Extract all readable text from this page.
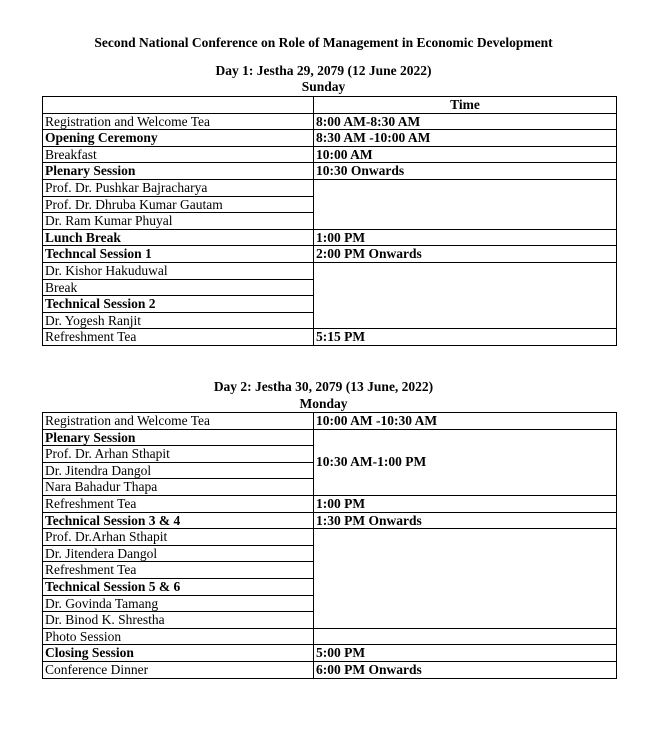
Second National Conference on Role of Management in Economic Development
Day 1: Jestha 29, 2079 (12 June 2022)
Sunday
	Time
Registration and Welcome Tea	8:00 AM-8:30 AM
Opening Ceremony	8:30 AM -10:00 AM
Breakfast	10:00 AM
Plenary Session	10:30 Onwards
Prof. Dr. Pushkar Bajracharya	
Prof. Dr. Dhruba Kumar Gautam	
Dr. Ram Kumar Phuyal	
Lunch Break	1:00 PM
Techncal Session 1	2:00 PM Onwards
Dr. Kishor Hakuduwal	
Break	
Technical Session 2	
Dr. Yogesh Ranjit	
Refreshment Tea	5:15 PM
Day 2: Jestha 30, 2079 (13 June, 2022)
Monday
Registration and Welcome Tea	10:00 AM -10:30 AM
Plenary Session	10:30 AM-1:00 PM
Prof. Dr. Arhan Sthapit	
Dr. Jitendra Dangol	
Nara Bahadur Thapa	
Refreshment Tea	1:00 PM
Technical Session 3 & 4	1:30 PM Onwards
Prof. Dr.Arhan Sthapit	
Dr. Jitendera Dangol	
Refreshment Tea	
Technical Session 5 & 6	
Dr. Govinda Tamang	
Dr. Binod K. Shrestha	
Photo Session	
Closing Session	5:00 PM
Conference Dinner	6:00 PM Onwards
